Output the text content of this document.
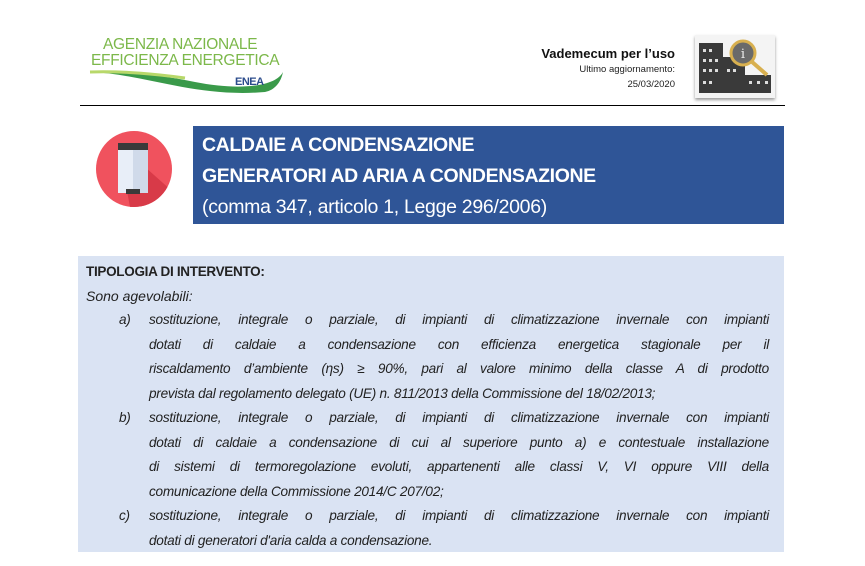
AGENZIA NAZIONALE
EFFICIENZA ENERGETICA
ENEA
Vademecum per l’uso
Ultimo aggiornamento:
25/03/2020
i
CALDAIE A CONDENSAZIONE
GENERATORI AD ARIA A CONDENSAZIONE
(comma 347, articolo 1, Legge 296/2006)
TIPOLOGIA DI INTERVENTO:
Sono agevolabili:
a)	sostituzione, integrale o parziale, di impianti di climatizzazione invernale con impianti
dotati di caldaie a condensazione con efficienza energetica stagionale per il
riscaldamento d’ambiente (ηs) ≥ 90%, pari al valore minimo della classe A di prodotto
prevista dal regolamento delegato (UE) n. 811/2013 della Commissione del 18/02/2013;
b)	sostituzione, integrale o parziale, di impianti di climatizzazione invernale con impianti
dotati di caldaie a condensazione di cui al superiore punto a) e contestuale installazione
di sistemi di termoregolazione evoluti, appartenenti alle classi V, VI oppure VIII della
comunicazione della Commissione 2014/C 207/02;
c)	sostituzione, integrale o parziale, di impianti di climatizzazione invernale con impianti
dotati di generatori d'aria calda a condensazione.
